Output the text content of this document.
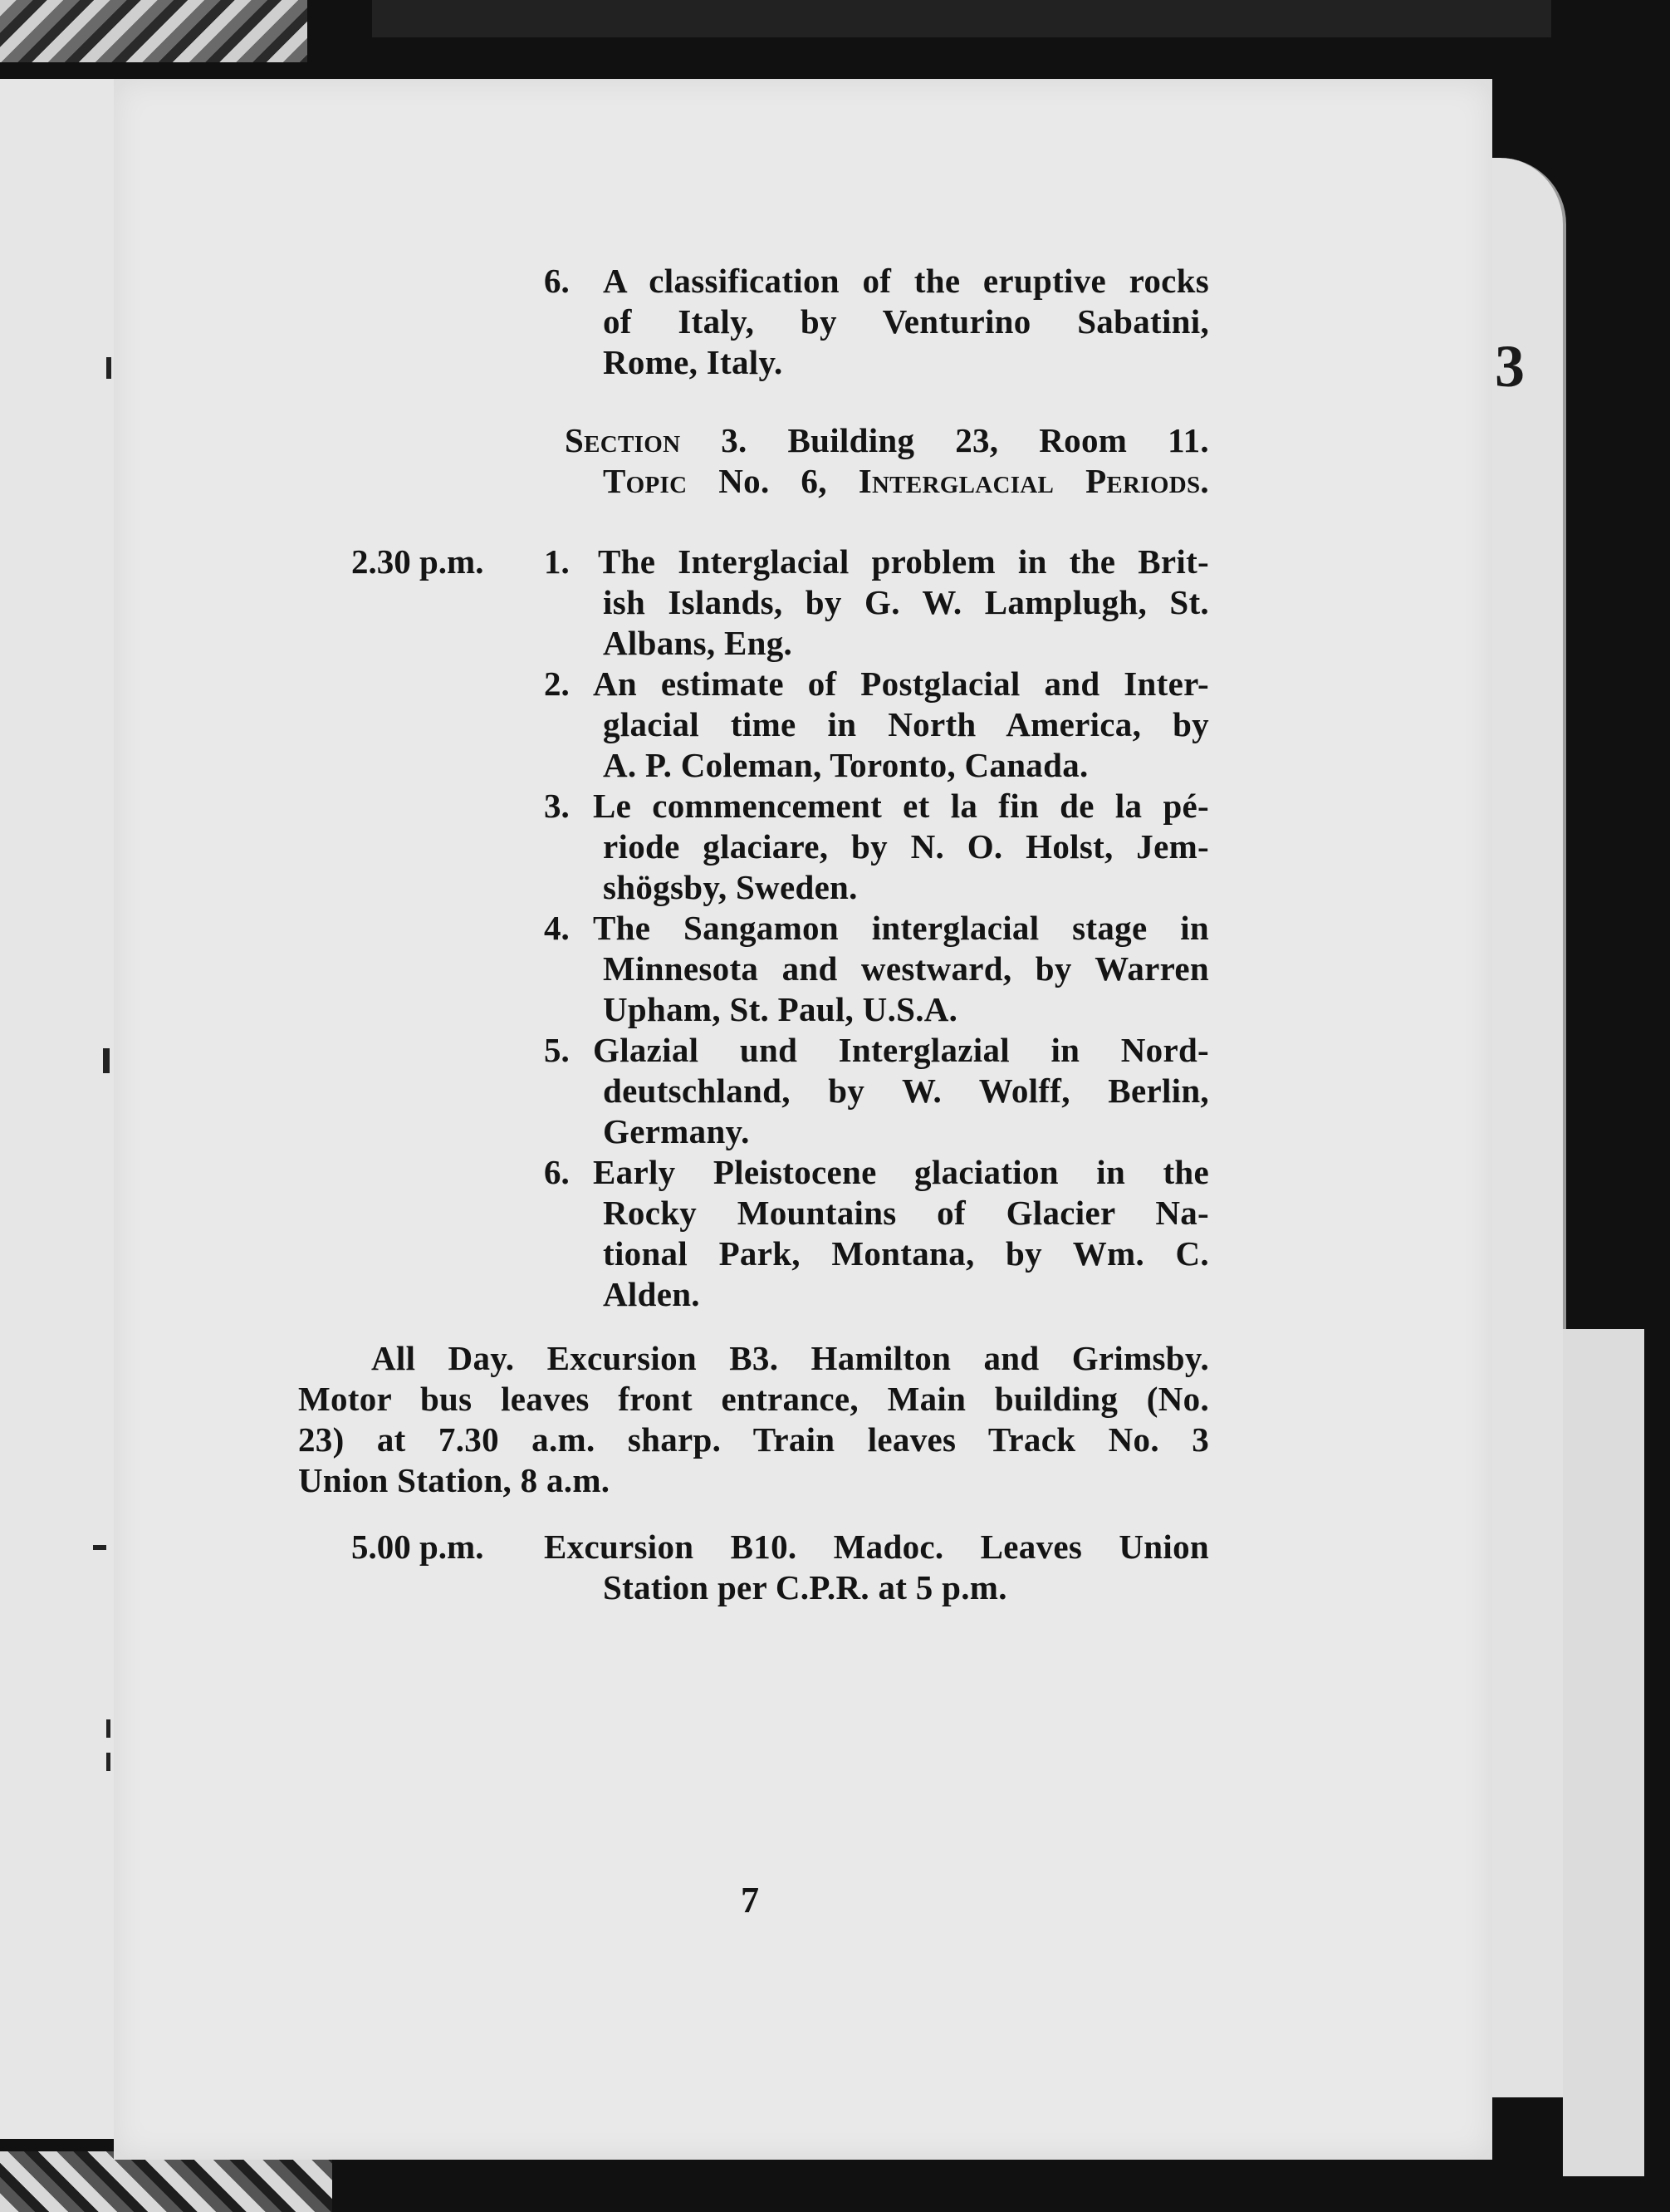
3
6. A classification of the eruptive rocks
of Italy, by Venturino Sabatini,
Rome, Italy.
Section 3. Building 23, Room 11.
Topic No. 6, Interglacial Periods.
2.30 p.m. 1. The Interglacial problem in the Brit-
ish Islands, by G. W. Lamplugh, St.
Albans, Eng.
2. An estimate of Postglacial and Inter-
glacial time in North America, by
A. P. Coleman, Toronto, Canada.
3. Le commencement et la fin de la pé-
riode glaciare, by N. O. Holst, Jem-
shögsby, Sweden.
4. The Sangamon interglacial stage in
Minnesota and westward, by Warren
Upham, St. Paul, U.S.A.
5. Glazial und Interglazial in Nord-
deutschland, by W. Wolff, Berlin,
Germany.
6. Early Pleistocene glaciation in the
Rocky Mountains of Glacier Na-
tional Park, Montana, by Wm. C.
Alden.
All Day. Excursion B3. Hamilton and Grimsby.
Motor bus leaves front entrance, Main building (No.
23) at 7.30 a.m. sharp. Train leaves Track No. 3
Union Station, 8 a.m.
5.00 p.m. Excursion B10. Madoc. Leaves Union
Station per C.P.R. at 5 p.m.
7
